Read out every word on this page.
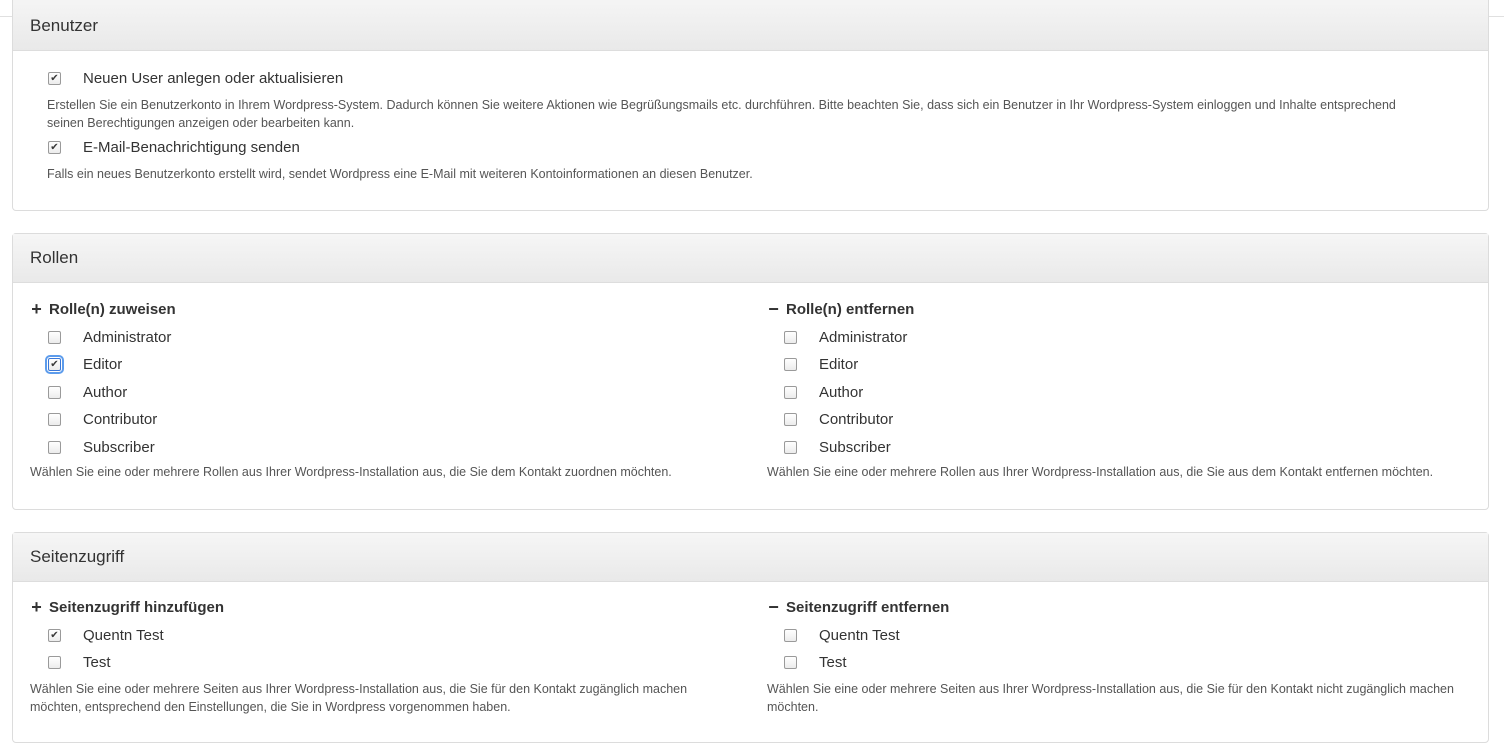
Benutzer
✔
Neuen User anlegen oder aktualisieren
Erstellen Sie ein Benutzerkonto in Ihrem Wordpress-System. Dadurch können Sie weitere Aktionen wie Begrüßungsmails etc. durchführen. Bitte beachten Sie, dass sich ein Benutzer in Ihr Wordpress-System einloggen und Inhalte entsprechend seinen Berechtigungen anzeigen oder bearbeiten kann.
✔
E-Mail-Benachrichtigung senden
Falls ein neues Benutzerkonto erstellt wird, sendet Wordpress eine E-Mail mit weiteren Kontoinformationen an diesen Benutzer.
Rollen
+ Rolle(n) zuweisen
Administrator
✔
Editor
Author
Contributor
Subscriber
Wählen Sie eine oder mehrere Rollen aus Ihrer Wordpress-Installation aus, die Sie dem Kontakt zuordnen möchten.
− Rolle(n) entfernen
Administrator
Editor
Author
Contributor
Subscriber
Wählen Sie eine oder mehrere Rollen aus Ihrer Wordpress-Installation aus, die Sie aus dem Kontakt entfernen möchten.
Seitenzugriff
+ Seitenzugriff hinzufügen
✔
Quentn Test
Test
Wählen Sie eine oder mehrere Seiten aus Ihrer Wordpress-Installation aus, die Sie für den Kontakt zugänglich machen möchten, entsprechend den Einstellungen, die Sie in Wordpress vorgenommen haben.
− Seitenzugriff entfernen
Quentn Test
Test
Wählen Sie eine oder mehrere Seiten aus Ihrer Wordpress-Installation aus, die Sie für den Kontakt nicht zugänglich machen möchten.
